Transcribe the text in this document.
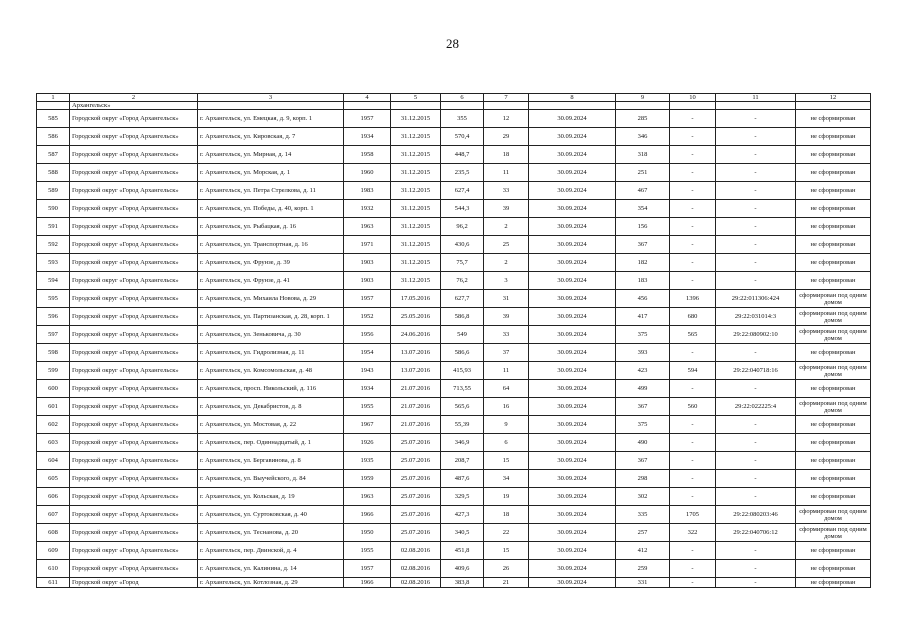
28
1	2	3	4	5	6	7	8	9	10	11	12
	Архангельск»										
585	Городской округ «Город Архангельск»	г. Архангельск, ул. Емецкая, д. 9, корп. 1	1957	31.12.2015	355	12	30.09.2024	285	-	-	не сформирован
586	Городской округ «Город Архангельск»	г. Архангельск, ул. Кировская, д. 7	1934	31.12.2015	570,4	29	30.09.2024	346	-	-	не сформирован
587	Городской округ «Город Архангельск»	г. Архангельск, ул. Мирная, д. 14	1958	31.12.2015	448,7	18	30.09.2024	318	-	-	не сформирован
588	Городской округ «Город Архангельск»	г. Архангельск, ул. Морская, д. 1	1960	31.12.2015	235,5	11	30.09.2024	251	-	-	не сформирован
589	Городской округ «Город Архангельск»	г. Архангельск, ул. Петра Стрелкова, д. 11	1983	31.12.2015	627,4	33	30.09.2024	467	-	-	не сформирован
590	Городской округ «Город Архангельск»	г. Архангельск, ул. Победы, д. 40, корп. 1	1932	31.12.2015	544,3	39	30.09.2024	354	-	-	не сформирован
591	Городской округ «Город Архангельск»	г. Архангельск, ул. Рыбацкая, д. 16	1963	31.12.2015	96,2	2	30.09.2024	156	-	-	не сформирован
592	Городской округ «Город Архангельск»	г. Архангельск, ул. Транспортная, д. 16	1971	31.12.2015	430,6	25	30.09.2024	367	-	-	не сформирован
593	Городской округ «Город Архангельск»	г. Архангельск, ул. Фрунзе, д. 39	1903	31.12.2015	75,7	2	30.09.2024	182	-	-	не сформирован
594	Городской округ «Город Архангельск»	г. Архангельск, ул. Фрунзе, д. 41	1903	31.12.2015	76,2	3	30.09.2024	183	-	-	не сформирован
595	Городской округ «Город Архангельск»	г. Архангельск, ул. Михаила Новова, д. 29	1957	17.05.2016	627,7	31	30.09.2024	456	1396	29:22:011306:424	сформирован под одним домом
596	Городской округ «Город Архангельск»	г. Архангельск, ул. Партизанская, д. 28, корп. 1	1952	25.05.2016	586,8	39	30.09.2024	417	680	29:22:031014:3	сформирован под одним домом
597	Городской округ «Город Архангельск»	г. Архангельск, ул. Зеньковича, д. 30	1956	24.06.2016	549	33	30.09.2024	375	565	29:22:080902:10	сформирован под одним домом
598	Городской округ «Город Архангельск»	г. Архангельск, ул. Гидролизная, д. 11	1954	13.07.2016	586,6	37	30.09.2024	393	-	-	не сформирован
599	Городской округ «Город Архангельск»	г. Архангельск, ул. Комсомольская, д. 48	1943	13.07.2016	415,93	11	30.09.2024	423	594	29:22:040718:16	сформирован под одним домом
600	Городской округ «Город Архангельск»	г. Архангельск, просп. Никольский, д. 116	1934	21.07.2016	713,55	64	30.09.2024	499	-	-	не сформирован
601	Городской округ «Город Архангельск»	г. Архангельск, ул. Декабристов, д. 8	1955	21.07.2016	565,6	16	30.09.2024	367	560	29:22:022225:4	сформирован под одним домом
602	Городской округ «Город Архангельск»	г. Архангельск, ул. Мостовая, д. 22	1967	21.07.2016	55,39	9	30.09.2024	375	-	-	не сформирован
603	Городской округ «Город Архангельск»	г. Архангельск, пер. Одиннадцатый, д. 1	1926	25.07.2016	346,9	6	30.09.2024	490	-	-	не сформирован
604	Городской округ «Город Архангельск»	г. Архангельск, ул. Бергавинова, д. 8	1935	25.07.2016	208,7	15	30.09.2024	367	-	-	не сформирован
605	Городской округ «Город Архангельск»	г. Архангельск, ул. Выучейского, д. 84	1959	25.07.2016	487,6	34	30.09.2024	298	-	-	не сформирован
606	Городской округ «Город Архангельск»	г. Архангельск, ул. Кольская, д. 19	1963	25.07.2016	329,5	19	30.09.2024	302	-	-	не сформирован
607	Городской округ «Город Архангельск»	г. Архангельск, ул. Суртоковская, д. 40	1966	25.07.2016	427,3	18	30.09.2024	335	1705	29:22:080203:46	сформирован под одним домом
608	Городской округ «Город Архангельск»	г. Архангельск, ул. Теснанова, д. 20	1950	25.07.2016	340,5	22	30.09.2024	257	322	29:22:040706:12	сформирован под одним домом
609	Городской округ «Город Архангельск»	г. Архангельск, пер. Двинской, д. 4	1955	02.08.2016	451,8	15	30.09.2024	412	-	-	не сформирован
610	Городской округ «Город Архангельск»	г. Архангельск, ул. Калинина, д. 14	1957	02.08.2016	409,6	26	30.09.2024	259	-	-	не сформирован
611	Городской округ «Город	г. Архангельск, ул. Котлозная, д. 29	1966	02.08.2016	383,8	21	30.09.2024	331	-	-	не сформирован
